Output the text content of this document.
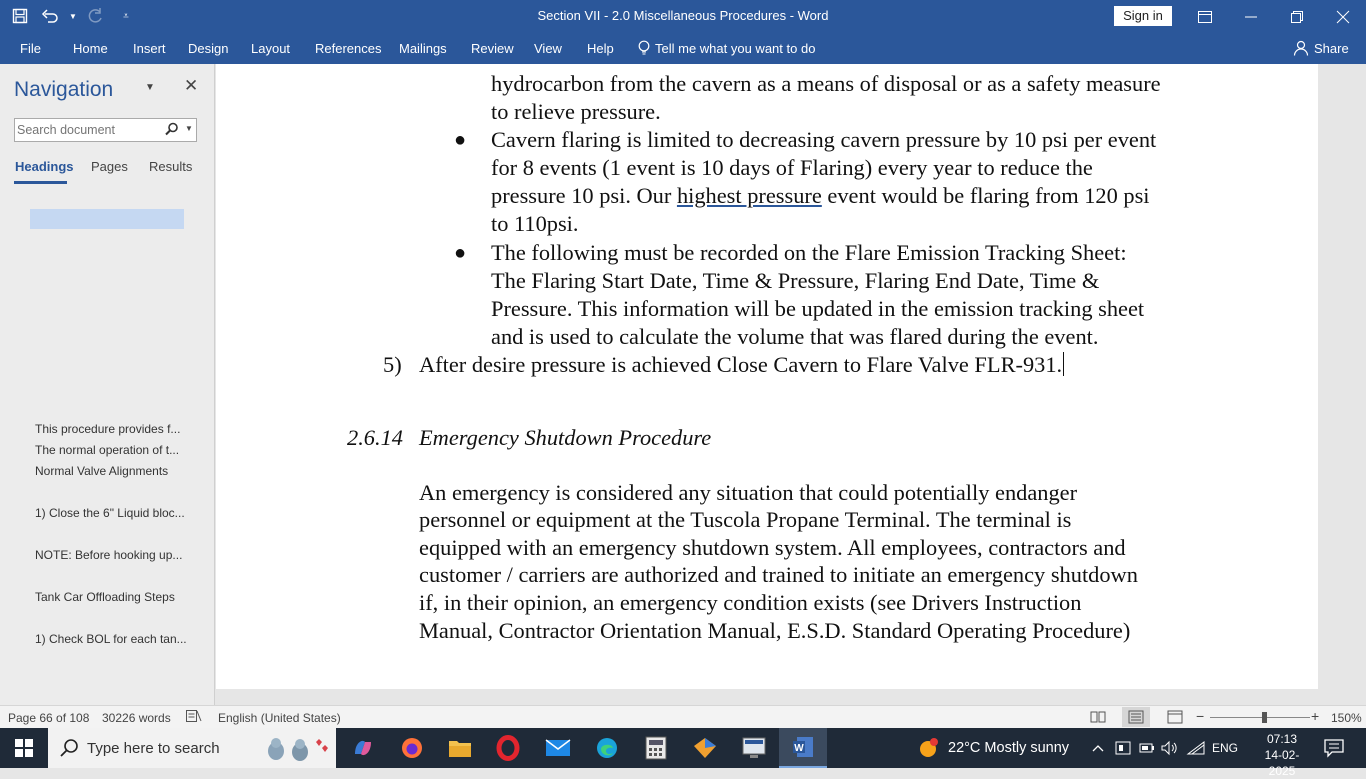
▼	⩡	Section VII - 2.0 Miscellaneous Procedures - Word	Sign in
File Home Insert Design Layout References Mailings Review View Help	Tell me what you want to do	Share
Navigation	▼ ✕
Search document
▼
Headings Pages Results
This procedure provides f...
The normal operation of t...
Normal Valve Alignments
1) Close the 6" Liquid bloc...
NOTE: Before hooking up...
Tank Car Offloading Steps
1) Check BOL for each tan...
hydrocarbon from the cavern as a means of disposal or as a safety measure
to relieve pressure.
● Cavern flaring is limited to decreasing cavern pressure by 10 psi per event
for 8 events (1 event is 10 days of Flaring) every year to reduce the
pressure 10 psi. Our highest pressure event would be flaring from 120 psi
to 110psi.
● The following must be recorded on the Flare Emission Tracking Sheet:
The Flaring Start Date, Time & Pressure, Flaring End Date, Time &
Pressure. This information will be updated in the emission tracking sheet
and is used to calculate the volume that was flared during the event.
5) After desire pressure is achieved Close Cavern to Flare Valve FLR-931.
2.6.14 Emergency Shutdown Procedure
An emergency is considered any situation that could potentially endanger
personnel or equipment at the Tuscola Propane Terminal. The terminal is
equipped with an emergency shutdown system. All employees, contractors and
customer / carriers are authorized and trained to initiate an emergency shutdown
if, in their opinion, an emergency condition exists (see Drivers Instruction
Manual, Contractor Orientation Manual, E.S.D. Standard Operating Procedure)
Page 66 of 108 30226 words	English (United States)	−	+ 150%
Type here to search	W	22°C Mostly sunny	ENG
07:13
14-02-2025
